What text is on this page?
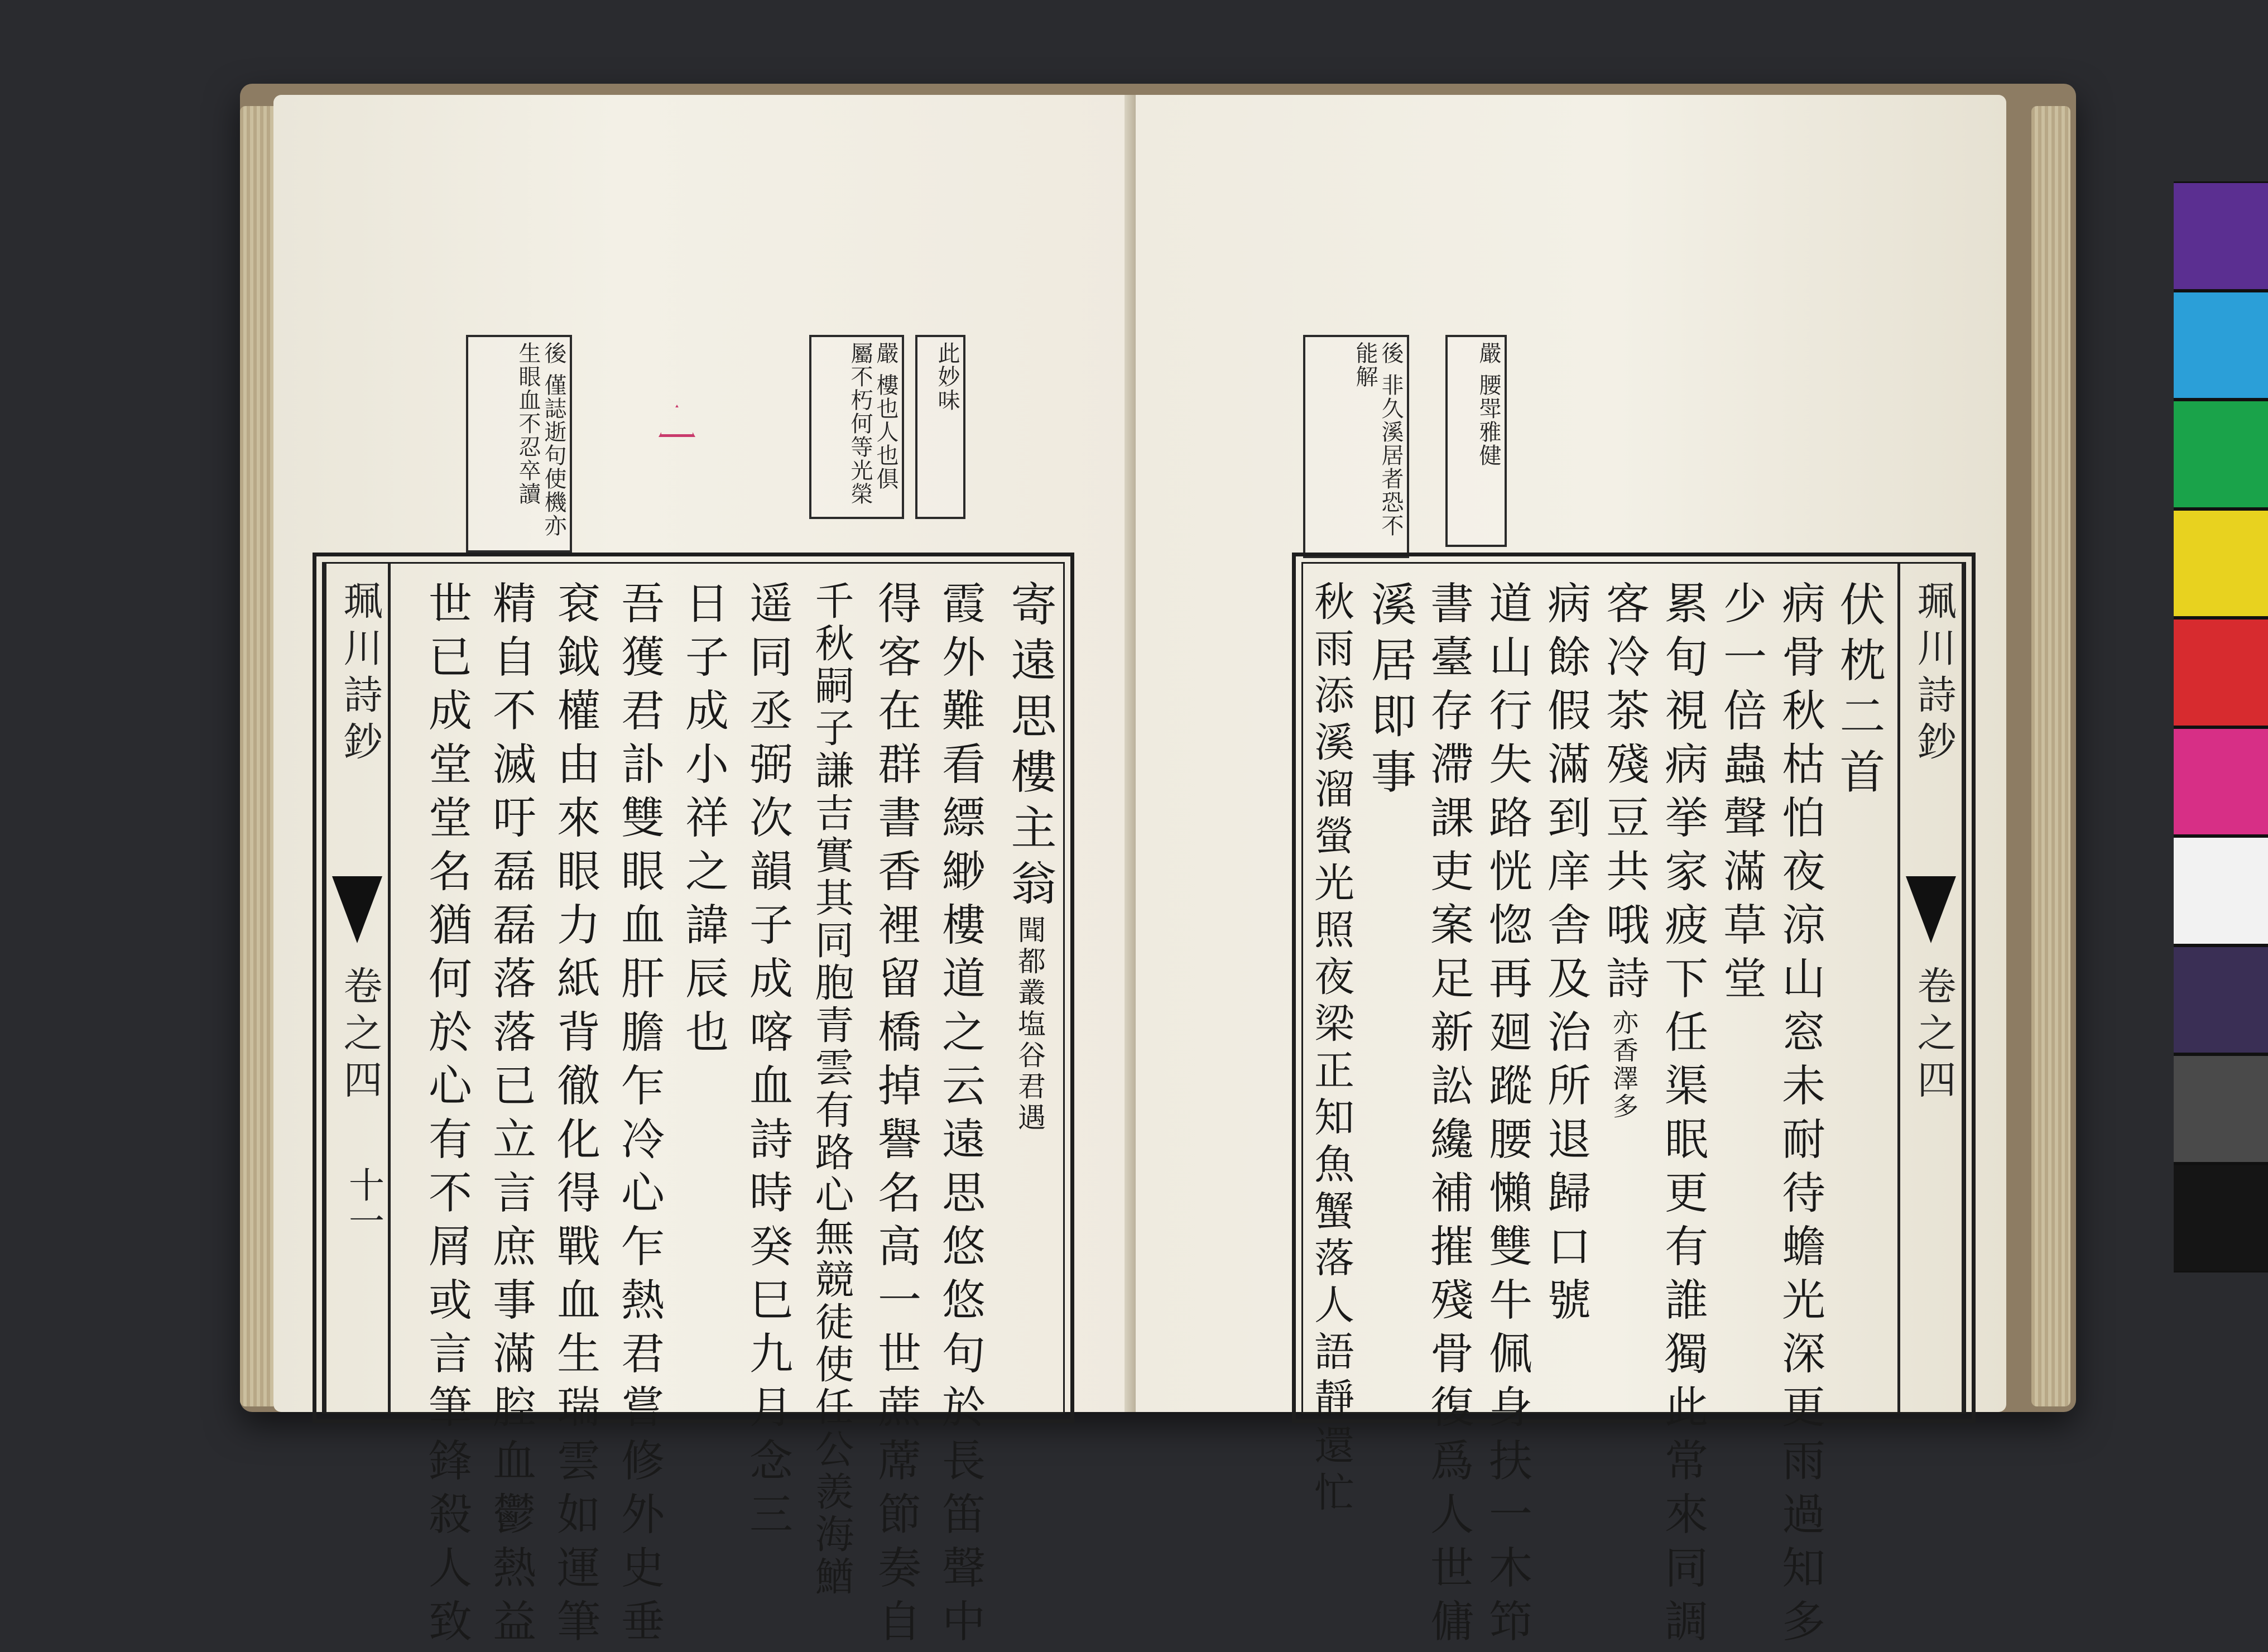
此妙味
嚴 樓也人也俱屬不朽何等光榮
後 僅誌逝句使機亦生眼血不忍卒讀
寄遠思樓主翁聞都叢塩谷君遇
霞外難看縹緲樓道之云遠思悠悠句於長笛聲中
得客在群書香裡留橋掉譽名高一世蔗蓆節奏自
千秋嗣子謙吉實其同胞青雲有路心無競徒使任公羨海鰌
遥同丞弼次韻子成喀血詩時癸巳九月念三
日子成小祥之諱辰也
吾獲君訃雙眼血肝膽乍冷心乍熱君嘗修外史垂
袞鉞權由來眼力紙背徹化得戰血生瑞雲如運筆
精自不滅吁磊磊落落已立言庶事滿腔血鬱熱益
世已成堂堂名猶何於心有不屑或言筆鋒殺人致
珮川詩鈔
卷之四
十一
嚴 腰斝雅健
後 非久溪居者恐不能解
珮川詩鈔
卷之四
伏枕二首
病骨秋枯怕夜涼山窓未耐待蟾光深更雨過知多
少一倍蟲聲滿草堂
累旬視病挙家疲下任渠眠更有誰獨此常來同調
客冷茶殘豆共哦詩亦香澤多
病餘假滿到庠舎及治所退歸口號
道山行失路恍惚再廻蹤腰懶雙牛佩身扶一木笻
書臺存滯課吏案足新訟纔補摧殘骨復爲人世傭
溪居即事
秋雨添溪溜螢光照夜梁正知魚蟹落人語靜還忙
